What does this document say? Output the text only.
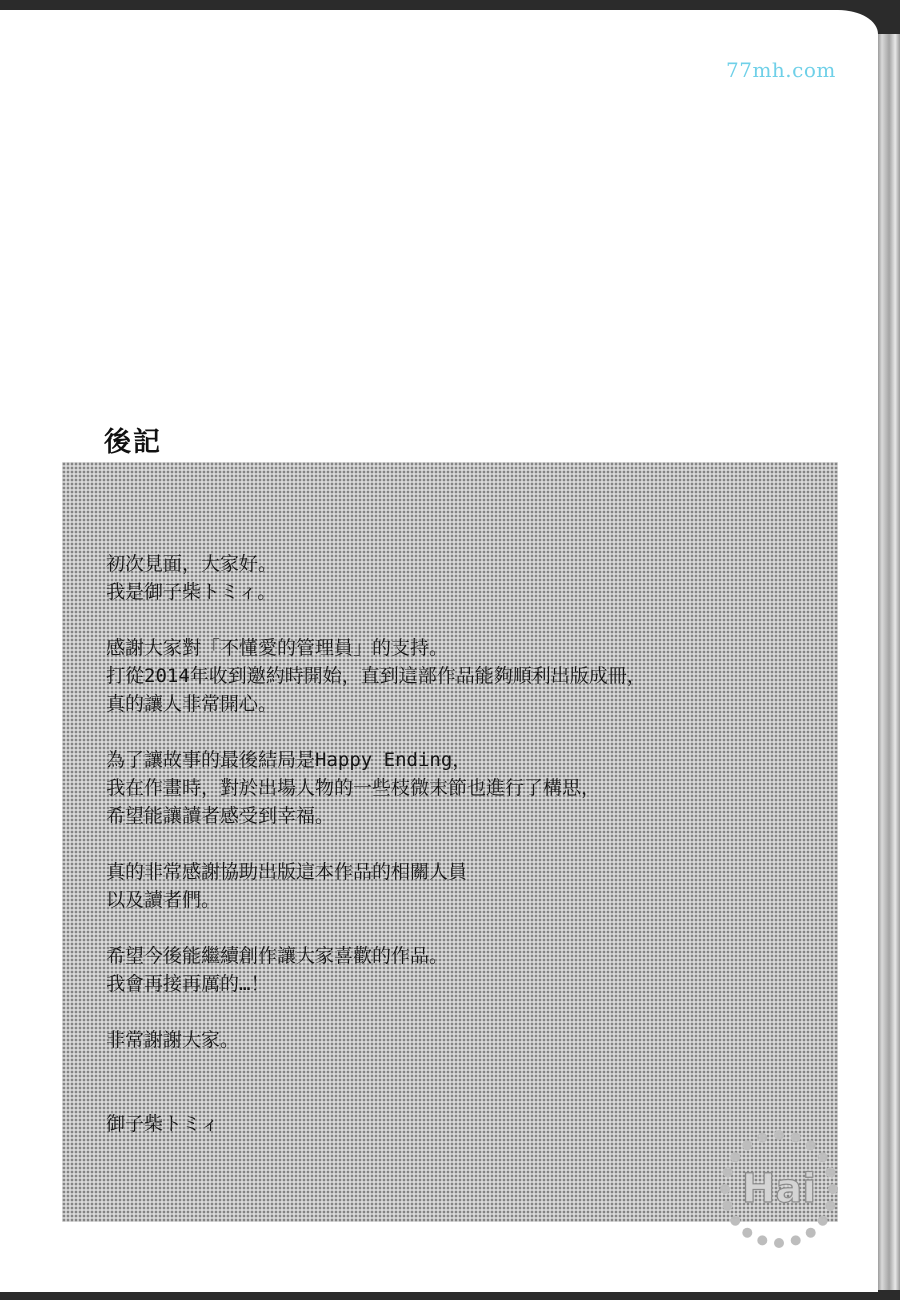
77mh.com
後記
初次見面，大家好。
我是御子柴トミィ。
感謝大家對「不懂愛的管理員」的支持。
打從2014年收到邀約時開始，直到這部作品能夠順利出版成冊，
真的讓人非常開心。
為了讓故事的最後結局是Happy Ending，
我在作畫時，對於出場人物的一些枝微末節也進行了構思，
希望能讓讀者感受到幸福。
真的非常感謝協助出版這本作品的相關人員
以及讀者們。
希望今後能繼續創作讓大家喜歡的作品。
我會再接再厲的…！
非常謝謝大家。
御子柴トミィ
Hai
